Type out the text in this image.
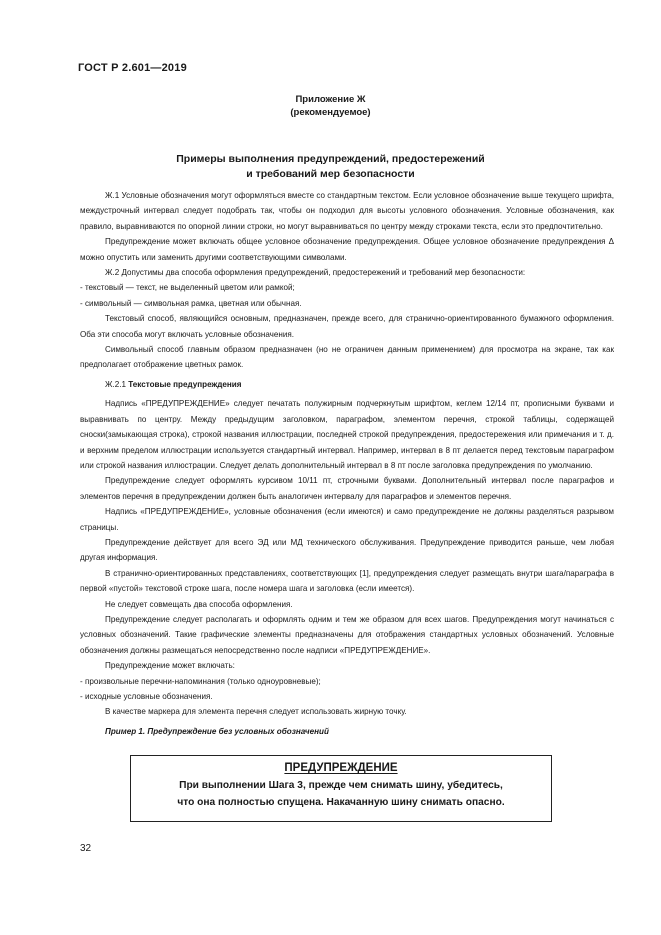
ГОСТ Р 2.601—2019
Приложение Ж
(рекомендуемое)
Примеры выполнения предупреждений, предостережений
и требований мер безопасности

Ж.1 Условные обозначения могут оформляться вместе со стандартным текстом. Если условное обозначение выше текущего шрифта, междустрочный интервал следует подобрать так, чтобы он подходил для высоты условного обозначения. Условные обозначения, как правило, выравниваются по опорной линии строки, но могут выравниваться по центру между строками текста, если это предпочтительно.

Предупреждение может включать общее условное обозначение предупреждения. Общее условное обозначение предупреждения Δ можно опустить или заменить другими соответствующими символами.

Ж.2 Допустимы два способа оформления предупреждений, предостережений и требований мер безопасности:

- текстовый — текст, не выделенный цветом или рамкой;

- символьный — символьная рамка, цветная или обычная.

Текстовый способ, являющийся основным, предназначен, прежде всего, для странично-ориентированного бумажного оформления. Оба эти способа могут включать условные обозначения.

Символьный способ главным образом предназначен (но не ограничен данным применением) для просмотра на экране, так как предполагает отображение цветных рамок.

Ж.2.1 Текстовые предупреждения

Надпись «ПРЕДУПРЕЖДЕНИЕ» следует печатать полужирным подчеркнутым шрифтом, кеглем 12/14 пт, прописными буквами и выравнивать по центру. Между предыдущим заголовком, параграфом, элементом перечня, строкой таблицы, содержащей сноски(замыкающая строка), строкой названия иллюстрации, последней строкой предупреждения, предостережения или примечания и т. д. и верхним пределом иллюстрации используется стандартный интервал. Например, интервал в 8 пт делается перед текстовым параграфом или строкой названия иллюстрации. Следует делать дополнительный интервал в 8 пт после заголовка предупреждения по умолчанию.

Предупреждение следует оформлять курсивом 10/11 пт, строчными буквами. Дополнительный интервал после параграфов и элементов перечня в предупреждении должен быть аналогичен интервалу для параграфов и элементов перечня.

Надпись «ПРЕДУПРЕЖДЕНИЕ», условные обозначения (если имеются) и само предупреждение не должны разделяться разрывом страницы.

Предупреждение действует для всего ЭД или МД технического обслуживания. Предупреждение приводится раньше, чем любая другая информация.

В странично-ориентированных представлениях, соответствующих [1], предупреждения следует размещать внутри шага/параграфа в первой «пустой» текстовой строке шага, после номера шага и заголовка (если имеется).

Не следует совмещать два способа оформления.

Предупреждение следует располагать и оформлять одним и тем же образом для всех шагов. Предупреждения могут начинаться с условных обозначений. Такие графические элементы предназначены для отображения стандартных условных обозначений. Условные обозначения должны размещаться непосредственно после надписи «ПРЕДУПРЕЖДЕНИЕ».

Предупреждение может включать:

- произвольные перечни-напоминания (только одноуровневые);

- исходные условные обозначения.

В качестве маркера для элемента перечня следует использовать жирную точку.

Пример 1. Предупреждение без условных обозначений

ПРЕДУПРЕЖДЕНИЕ
При выполнении Шага 3, прежде чем снимать шину, убедитесь,
что она полностью спущена. Накачанную шину снимать опасно.
32
